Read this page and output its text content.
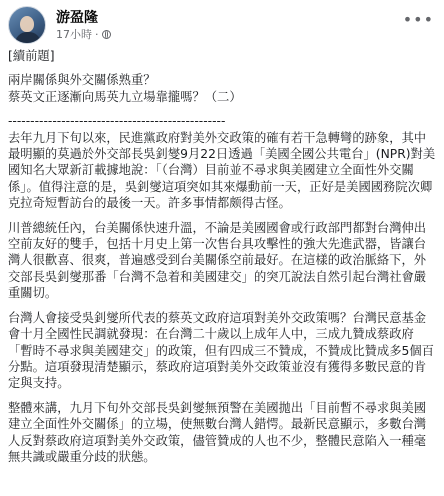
游盈隆
17小時 ·
•••

[續前題]

兩岸關係與外交關係熟重？
蔡英文正逐漸向馬英九立場靠攏嗎？（二）

-------------------------------------------------
去年九月下旬以來，民進黨政府對美外交政策的確有若干急轉彎的跡象，其中最明顯的莫過於外交部長吳釗燮9月22日透過「美國全國公共電台」(NPR)對美國知名大眾新訂載據地說：「（台灣）目前並不尋求與美國建立全面性外交關係」。值得注意的是，吳釗燮這項突如其來爆動前一天，正好是美國國務院次卿克拉奇短暫訪台的最後一天。許多事情都颇得古怪。

川普總統任內，台美關係快速升溫，不論是美國國會或行政部門都對台灣伸出空前友好的雙手，包括十月史上第一次售台具攻擊性的強大先進武器，皆讓台灣人很歡喜、很爽，普遍感受到台美關係空前最好。在這樣的政治脈絡下，外交部長吳釗燮那番「台灣不急着和美國建交」的突兀說法自然引起台灣社會嚴重關切。

台灣人會接受吳釗燮所代表的蔡英文政府這項對美外交政策嗎？台灣民意基金會十月全國性民調就發現：在台灣二十歲以上成年人中，三成九贊成蔡政府「暫時不尋求與美國建交」的政策，但有四成三不贊成，不贊成比贊成多5個百分點。這項發現清楚顯示，蔡政府這項對美外交政策並沒有獲得多數民意的肯定與支持。

整體來講，九月下旬外交部長吳釗燮無預警在美國拋出「目前暫不尋求與美國建立全面性外交關係」的立場，使無數台灣人錯愕。最新民意顯示，多數台灣人反對蔡政府這項對美外交政策，儘管贊成的人也不少，整體民意陷入一種毫無共識或嚴重分歧的狀態。
